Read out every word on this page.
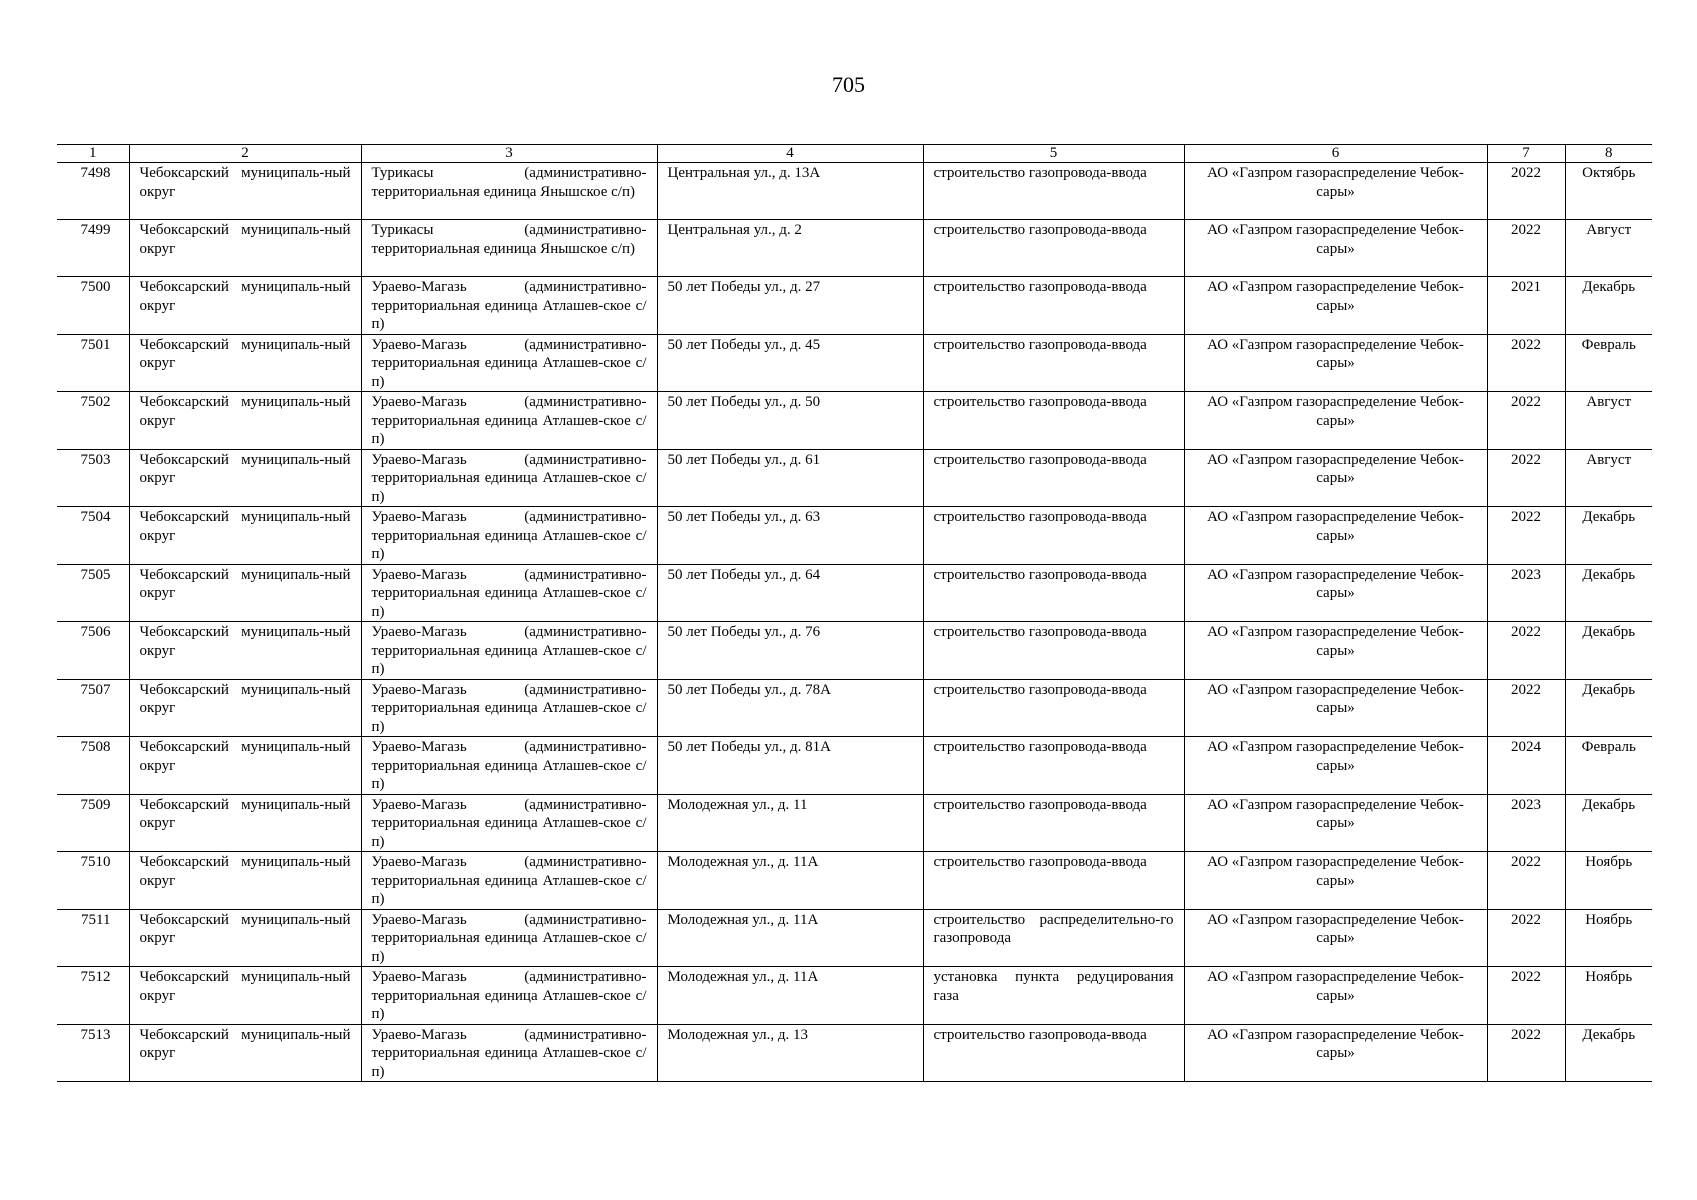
705
1	2	3	4	5	6	7	8
7498	Чебоксарский муниципаль-ный округ	Турикасы (административно-территориальная единица Янышское с/п)	Центральная ул., д. 13А	строительство газопровода-ввода	АО «Газпром газораспределение Чебок-сары»	2022	Октябрь
7499	Чебоксарский муниципаль-ный округ	Турикасы (административно-территориальная единица Янышское с/п)	Центральная ул., д. 2	строительство газопровода-ввода	АО «Газпром газораспределение Чебок-сары»	2022	Август
7500	Чебоксарский муниципаль-ный округ	Ураево-Магазь (административно-территориальная единица Атлашев-ское с/п)	50 лет Победы ул., д. 27	строительство газопровода-ввода	АО «Газпром газораспределение Чебок-сары»	2021	Декабрь
7501	Чебоксарский муниципаль-ный округ	Ураево-Магазь (административно-территориальная единица Атлашев-ское с/п)	50 лет Победы ул., д. 45	строительство газопровода-ввода	АО «Газпром газораспределение Чебок-сары»	2022	Февраль
7502	Чебоксарский муниципаль-ный округ	Ураево-Магазь (административно-территориальная единица Атлашев-ское с/п)	50 лет Победы ул., д. 50	строительство газопровода-ввода	АО «Газпром газораспределение Чебок-сары»	2022	Август
7503	Чебоксарский муниципаль-ный округ	Ураево-Магазь (административно-территориальная единица Атлашев-ское с/п)	50 лет Победы ул., д. 61	строительство газопровода-ввода	АО «Газпром газораспределение Чебок-сары»	2022	Август
7504	Чебоксарский муниципаль-ный округ	Ураево-Магазь (административно-территориальная единица Атлашев-ское с/п)	50 лет Победы ул., д. 63	строительство газопровода-ввода	АО «Газпром газораспределение Чебок-сары»	2022	Декабрь
7505	Чебоксарский муниципаль-ный округ	Ураево-Магазь (административно-территориальная единица Атлашев-ское с/п)	50 лет Победы ул., д. 64	строительство газопровода-ввода	АО «Газпром газораспределение Чебок-сары»	2023	Декабрь
7506	Чебоксарский муниципаль-ный округ	Ураево-Магазь (административно-территориальная единица Атлашев-ское с/п)	50 лет Победы ул., д. 76	строительство газопровода-ввода	АО «Газпром газораспределение Чебок-сары»	2022	Декабрь
7507	Чебоксарский муниципаль-ный округ	Ураево-Магазь (административно-территориальная единица Атлашев-ское с/п)	50 лет Победы ул., д. 78А	строительство газопровода-ввода	АО «Газпром газораспределение Чебок-сары»	2022	Декабрь
7508	Чебоксарский муниципаль-ный округ	Ураево-Магазь (административно-территориальная единица Атлашев-ское с/п)	50 лет Победы ул., д. 81А	строительство газопровода-ввода	АО «Газпром газораспределение Чебок-сары»	2024	Февраль
7509	Чебоксарский муниципаль-ный округ	Ураево-Магазь (административно-территориальная единица Атлашев-ское с/п)	Молодежная ул., д. 11	строительство газопровода-ввода	АО «Газпром газораспределение Чебок-сары»	2023	Декабрь
7510	Чебоксарский муниципаль-ный округ	Ураево-Магазь (административно-территориальная единица Атлашев-ское с/п)	Молодежная ул., д. 11А	строительство газопровода-ввода	АО «Газпром газораспределение Чебок-сары»	2022	Ноябрь
7511	Чебоксарский муниципаль-ный округ	Ураево-Магазь (административно-территориальная единица Атлашев-ское с/п)	Молодежная ул., д. 11А	строительство распределительно-го газопровода	АО «Газпром газораспределение Чебок-сары»	2022	Ноябрь
7512	Чебоксарский муниципаль-ный округ	Ураево-Магазь (административно-территориальная единица Атлашев-ское с/п)	Молодежная ул., д. 11А	установка пункта редуцирования газа	АО «Газпром газораспределение Чебок-сары»	2022	Ноябрь
7513	Чебоксарский муниципаль-ный округ	Ураево-Магазь (административно-территориальная единица Атлашев-ское с/п)	Молодежная ул., д. 13	строительство газопровода-ввода	АО «Газпром газораспределение Чебок-сары»	2022	Декабрь
